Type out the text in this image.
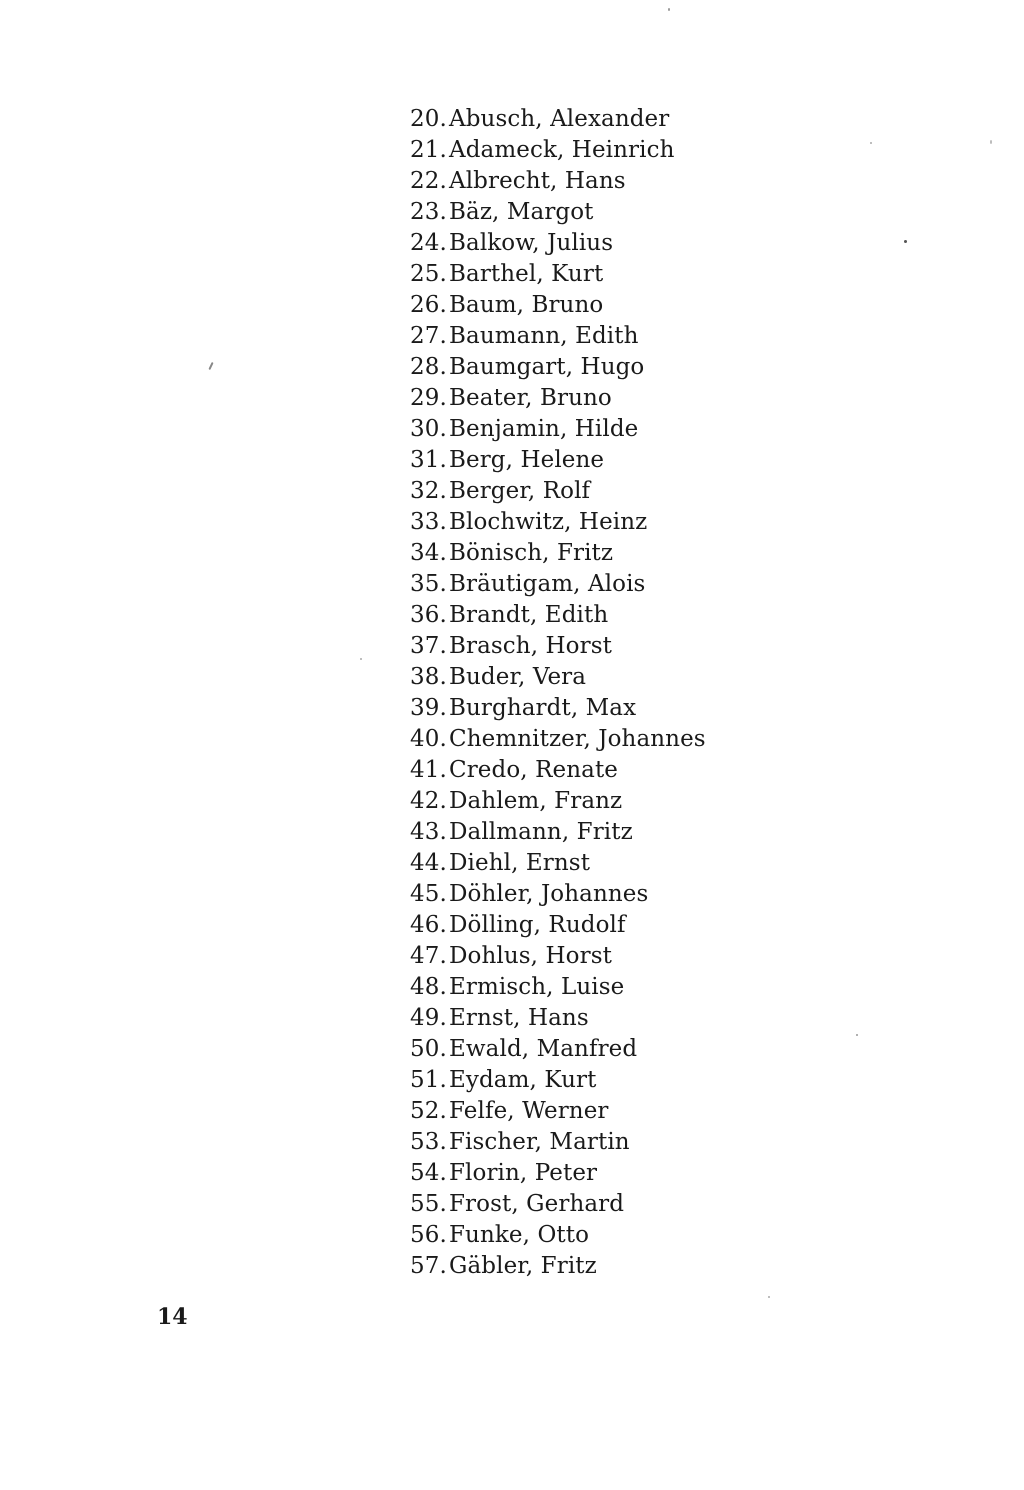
20.Abusch, Alexander
21.Adameck, Heinrich
22.Albrecht, Hans
23.Bäz, Margot
24.Balkow, Julius
25.Barthel, Kurt
26.Baum, Bruno
27.Baumann, Edith
28.Baumgart, Hugo
29.Beater, Bruno
30.Benjamin, Hilde
31.Berg, Helene
32.Berger, Rolf
33.Blochwitz, Heinz
34.Bönisch, Fritz
35.Bräutigam, Alois
36.Brandt, Edith
37.Brasch, Horst
38.Buder, Vera
39.Burghardt, Max
40.Chemnitzer, Johannes
41.Credo, Renate
42.Dahlem, Franz
43.Dallmann, Fritz
44.Diehl, Ernst
45.Döhler, Johannes
46.Dölling, Rudolf
47.Dohlus, Horst
48.Ermisch, Luise
49.Ernst, Hans
50.Ewald, Manfred
51.Eydam, Kurt
52.Felfe, Werner
53.Fischer, Martin
54.Florin, Peter
55.Frost, Gerhard
56.Funke, Otto
57.Gäbler, Fritz
14
